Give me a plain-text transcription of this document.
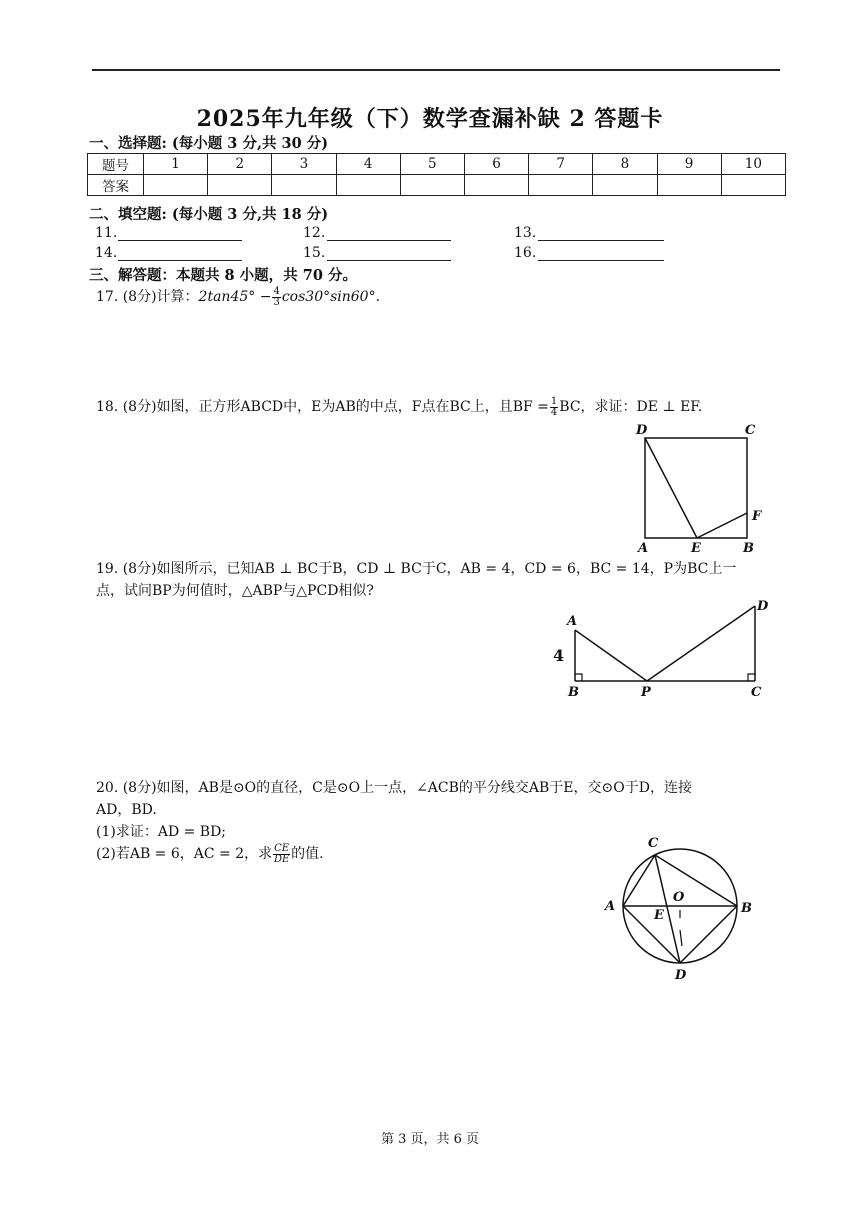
2025年九年级（下）数学查漏补缺 2 答题卡
一、选择题: (每小题 3 分,共 30 分)
题号	1	2	3	4	5	6	7	8	9	10
答案										
二、填空题: (每小题 3 分,共 18 分)
11.	12.	13.
14.	15.	16.
三、解答题：本题共 8 小题，共 70 分。
17. (8分)计算：$2\tan 45^\circ - \frac{4}{3} \cos 30^\circ\sin 60^\circ$.
18. (8分)如图，正方形ABCD中，E为AB的中点，F点在BC上，且BF = $\frac{1}{4}$ BC，求证：DE ⊥ EF.
D	C
A	E	B
F
19. (8分)如图所示，已知AB ⊥ BC于B，CD ⊥ BC于C，AB = 4，CD = 6，BC = 14，P为BC上一
点，试问BP为何值时，△ABP与△PCD相似?
A
D
B	P	C
4
20. (8分)如图，AB是⊙O的直径，C是⊙O上一点，∠ACB的平分线交AB于E，交⊙O于D，连接
AD，BD.
(1)求证：AD = BD;
(2)若AB = 6，AC = 2，求 $\frac{CE}{DE}$ 的值.
C
A	B
O
E
D
第 3 页，共 6 页
